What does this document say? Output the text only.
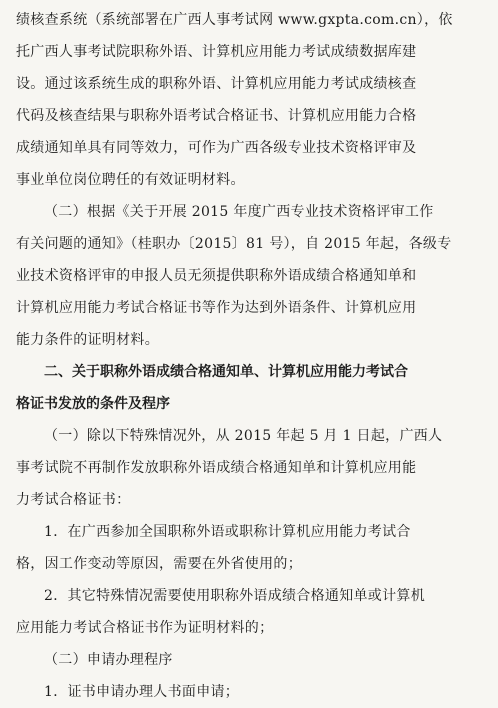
绩核查系统（系统部署在广西人事考试网 www.gxpta.com.cn），依
托广西人事考试院职称外语、计算机应用能力考试成绩数据库建
设。通过该系统生成的职称外语、计算机应用能力考试成绩核查
代码及核查结果与职称外语考试合格证书、计算机应用能力合格
成绩通知单具有同等效力，可作为广西各级专业技术资格评审及
事业单位岗位聘任的有效证明材料。
（二）根据《关于开展 2015 年度广西专业技术资格评审工作
有关问题的通知》（桂职办〔2015〕81 号），自 2015 年起，各级专
业技术资格评审的申报人员无须提供职称外语成绩合格通知单和
计算机应用能力考试合格证书等作为达到外语条件、计算机应用
能力条件的证明材料。
二、关于职称外语成绩合格通知单、计算机应用能力考试合
格证书发放的条件及程序
（一）除以下特殊情况外，从 2015 年起 5 月 1 日起，广西人
事考试院不再制作发放职称外语成绩合格通知单和计算机应用能
力考试合格证书：
1．在广西参加全国职称外语或职称计算机应用能力考试合
格，因工作变动等原因，需要在外省使用的；
2．其它特殊情况需要使用职称外语成绩合格通知单或计算机
应用能力考试合格证书作为证明材料的；
（二）申请办理程序
1．证书申请办理人书面申请；
